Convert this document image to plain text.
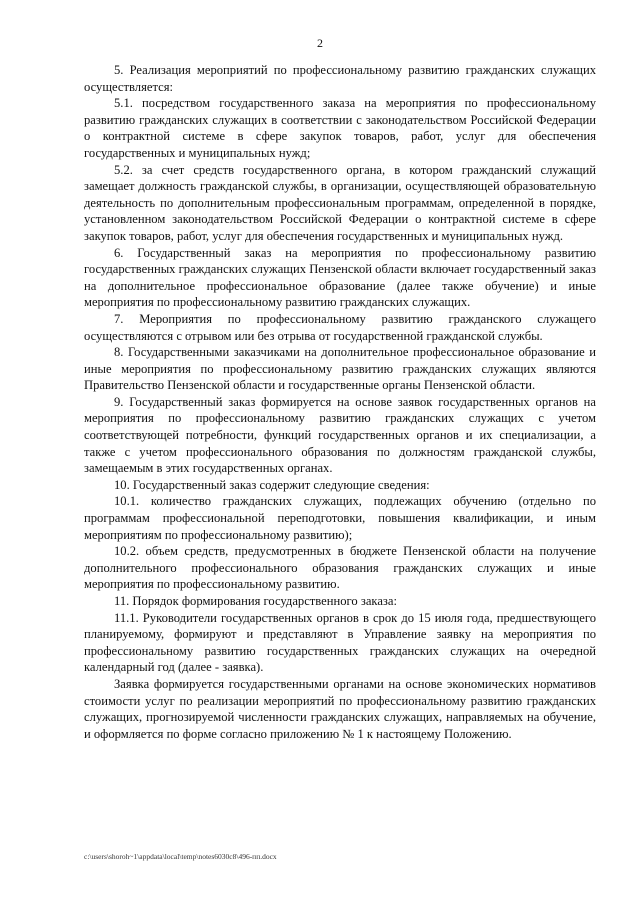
2

5. Реализация мероприятий по профессиональному развитию гражданских служащих осуществляется:

5.1. посредством государственного заказа на мероприятия по профессиональному развитию гражданских служащих в соответствии с законодательством Российской Федерации о контрактной системе в сфере закупок товаров, работ, услуг для обеспечения государственных и муниципальных нужд;

5.2. за счет средств государственного органа, в котором гражданский служащий замещает должность гражданской службы, в организации, осуществляющей образовательную деятельность по дополнительным профессиональным программам, определенной в порядке, установленном законодательством Российской Федерации о контрактной системе в сфере закупок товаров, работ, услуг для обеспечения государственных и муниципальных нужд.

6. Государственный заказ на мероприятия по профессиональному развитию государственных гражданских служащих Пензенской области включает государственный заказ на дополнительное профессиональное образование (далее также обучение) и иные мероприятия по профессиональному развитию гражданских служащих.

7. Мероприятия по профессиональному развитию гражданского служащего осуществляются с отрывом или без отрыва от государственной гражданской службы.

8. Государственными заказчиками на дополнительное профессиональное образование и иные мероприятия по профессиональному развитию гражданских служащих являются Правительство Пензенской области и государственные органы Пензенской области.

9. Государственный заказ формируется на основе заявок государственных органов на мероприятия по профессиональному развитию гражданских служащих с учетом соответствующей потребности, функций государственных органов и их специализации, а также с учетом профессионального образования по должностям гражданской службы, замещаемым в этих государственных органах.

10. Государственный заказ содержит следующие сведения:

10.1. количество гражданских служащих, подлежащих обучению (отдельно по программам профессиональной переподготовки, повышения квалификации, и иным мероприятиям по профессиональному развитию);

10.2. объем средств, предусмотренных в бюджете Пензенской области на получение дополнительного профессионального образования гражданских служащих и иные мероприятия по профессиональному развитию.

11. Порядок формирования государственного заказа:

11.1. Руководители государственных органов в срок до 15 июля года, предшествующего планируемому, формируют и представляют в Управление заявку на мероприятия по профессиональному развитию государственных гражданских служащих на очередной календарный год (далее - заявка).

Заявка формируется государственными органами на основе экономических нормативов стоимости услуг по реализации мероприятий по профессиональному развитию гражданских служащих, прогнозируемой численности гражданских служащих, направляемых на обучение, и оформляется по форме согласно приложению № 1 к настоящему Положению.

c:\users\shoroh~1\appdata\local\temp\notes6030c8\496-пп.docx
